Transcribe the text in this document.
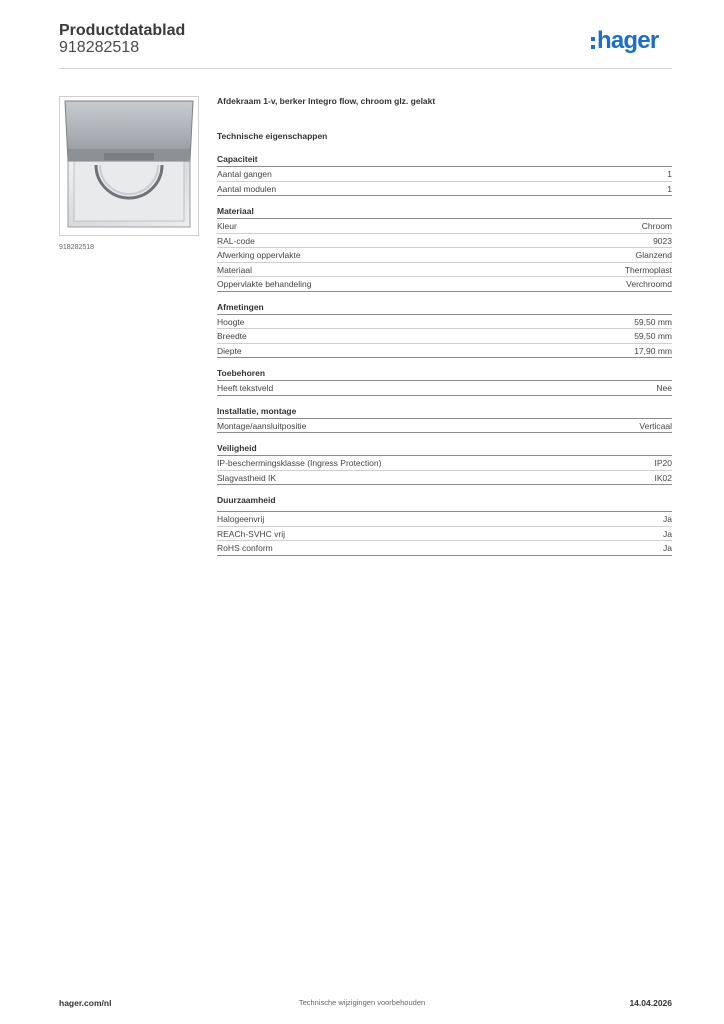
Productdatablad
918282518	hager
918282518
Afdekraam 1-v, berker Integro flow, chroom glz. gelakt
Technische eigenschappen
Capaciteit
Aantal gangen	1
Aantal modulen	1
Materiaal
Kleur	Chroom
RAL-code	9023
Afwerking oppervlakte	Glanzend
Materiaal	Thermoplast
Oppervlakte behandeling	Verchroomd
Afmetingen
Hoogte	59,50 mm
Breedte	59,50 mm
Diepte	17,90 mm
Toebehoren
Heeft tekstveld	Nee
Installatie, montage
Montage/aansluitpositie	Verticaal
Veiligheid
IP-beschermingsklasse (Ingress Protection)	IP20
Slagvastheid IK	IK02
Duurzaamheid
Halogeenvrij	Ja
REACh-SVHC vrij	Ja
RoHS conform	Ja
hager.com/nl	Technische wijzigingen voorbehouden	14.04.2026
